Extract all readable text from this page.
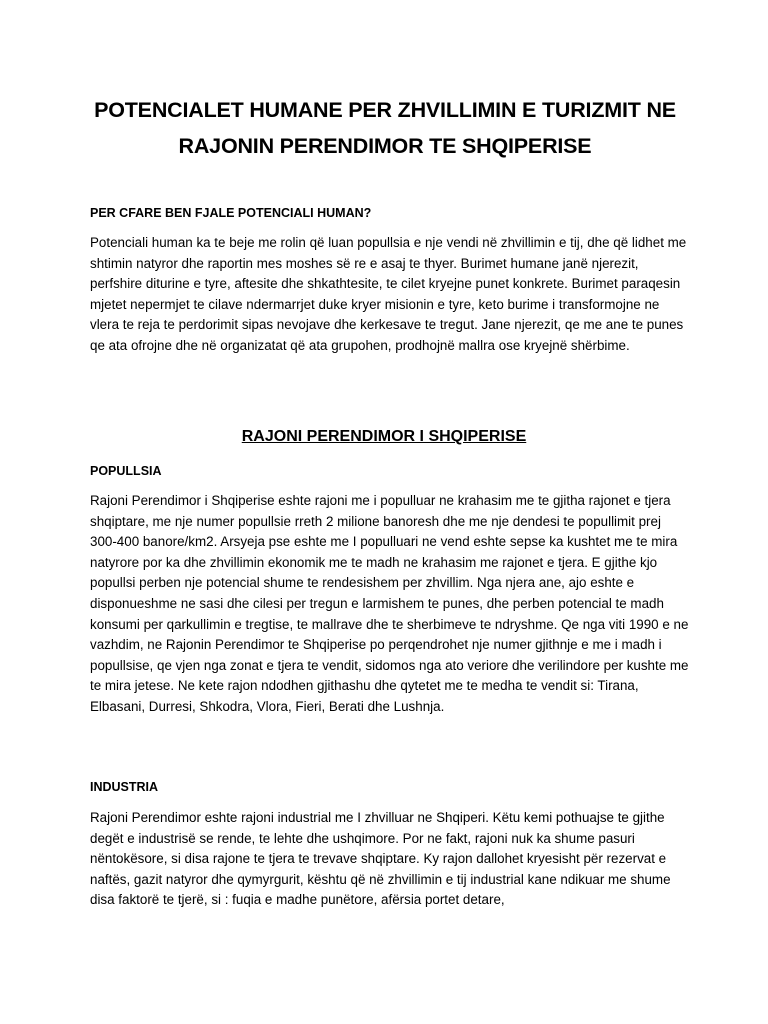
POTENCIALET HUMANE PER ZHVILLIMIN E TURIZMIT NE RAJONIN PERENDIMOR TE SHQIPERISE
PER CFARE BEN FJALE POTENCIALI HUMAN?
Potenciali human ka te beje me rolin që luan popullsia e nje vendi në zhvillimin e tij, dhe që lidhet me shtimin natyror dhe raportin mes moshes së re e asaj te thyer. Burimet humane janë njerezit, perfshire diturine e tyre, aftesite dhe shkathtesite, te cilet kryejne punet konkrete. Burimet paraqesin mjetet nepermjet te cilave ndermarrjet duke kryer misionin e tyre, keto burime i transformojne ne vlera te reja te perdorimit sipas nevojave dhe kerkesave te tregut. Jane njerezit, qe me ane te punes qe ata ofrojne dhe në organizatat që ata grupohen, prodhojnë mallra ose kryejnë shërbime.
RAJONI PERENDIMOR I SHQIPERISE
POPULLSIA
Rajoni Perendimor i Shqiperise eshte rajoni me i populluar ne krahasim me te gjitha rajonet e tjera shqiptare, me nje numer popullsie rreth 2 milione banoresh dhe me nje dendesi te popullimit prej 300-400 banore/km2. Arsyeja pse eshte me I populluari ne vend eshte sepse ka kushtet me te mira natyrore por ka dhe zhvillimin ekonomik me te madh ne krahasim me rajonet e tjera. E gjithe kjo popullsi perben nje potencial shume te rendesishem per zhvillim. Nga njera ane, ajo eshte e disponueshme ne sasi dhe cilesi per tregun e larmishem te punes, dhe perben potencial te madh konsumi per qarkullimin e tregtise, te mallrave dhe te sherbimeve te ndryshme. Qe nga viti 1990 e ne vazhdim, ne Rajonin Perendimor te Shqiperise po perqendrohet nje numer gjithnje e me i madh i popullsise, qe vjen nga zonat e tjera te vendit, sidomos nga ato veriore dhe verilindore per kushte me te mira jetese. Ne kete rajon ndodhen gjithashu dhe qytetet me te medha te vendit si: Tirana, Elbasani, Durresi, Shkodra, Vlora, Fieri, Berati dhe Lushnja.
INDUSTRIA
Rajoni Perendimor eshte rajoni industrial me I zhvilluar ne Shqiperi. Këtu kemi pothuajse te gjithe degët e industrisë se rende, te lehte dhe ushqimore. Por ne fakt, rajoni nuk ka shume pasuri nëntokësore, si disa rajone te tjera te trevave shqiptare. Ky rajon dallohet kryesisht për rezervat e naftës, gazit natyror dhe qymyrgurit, kështu që në zhvillimin e tij industrial kane ndikuar me shume disa faktorë te tjerë, si : fuqia e madhe punëtore, afërsia portet detare,
